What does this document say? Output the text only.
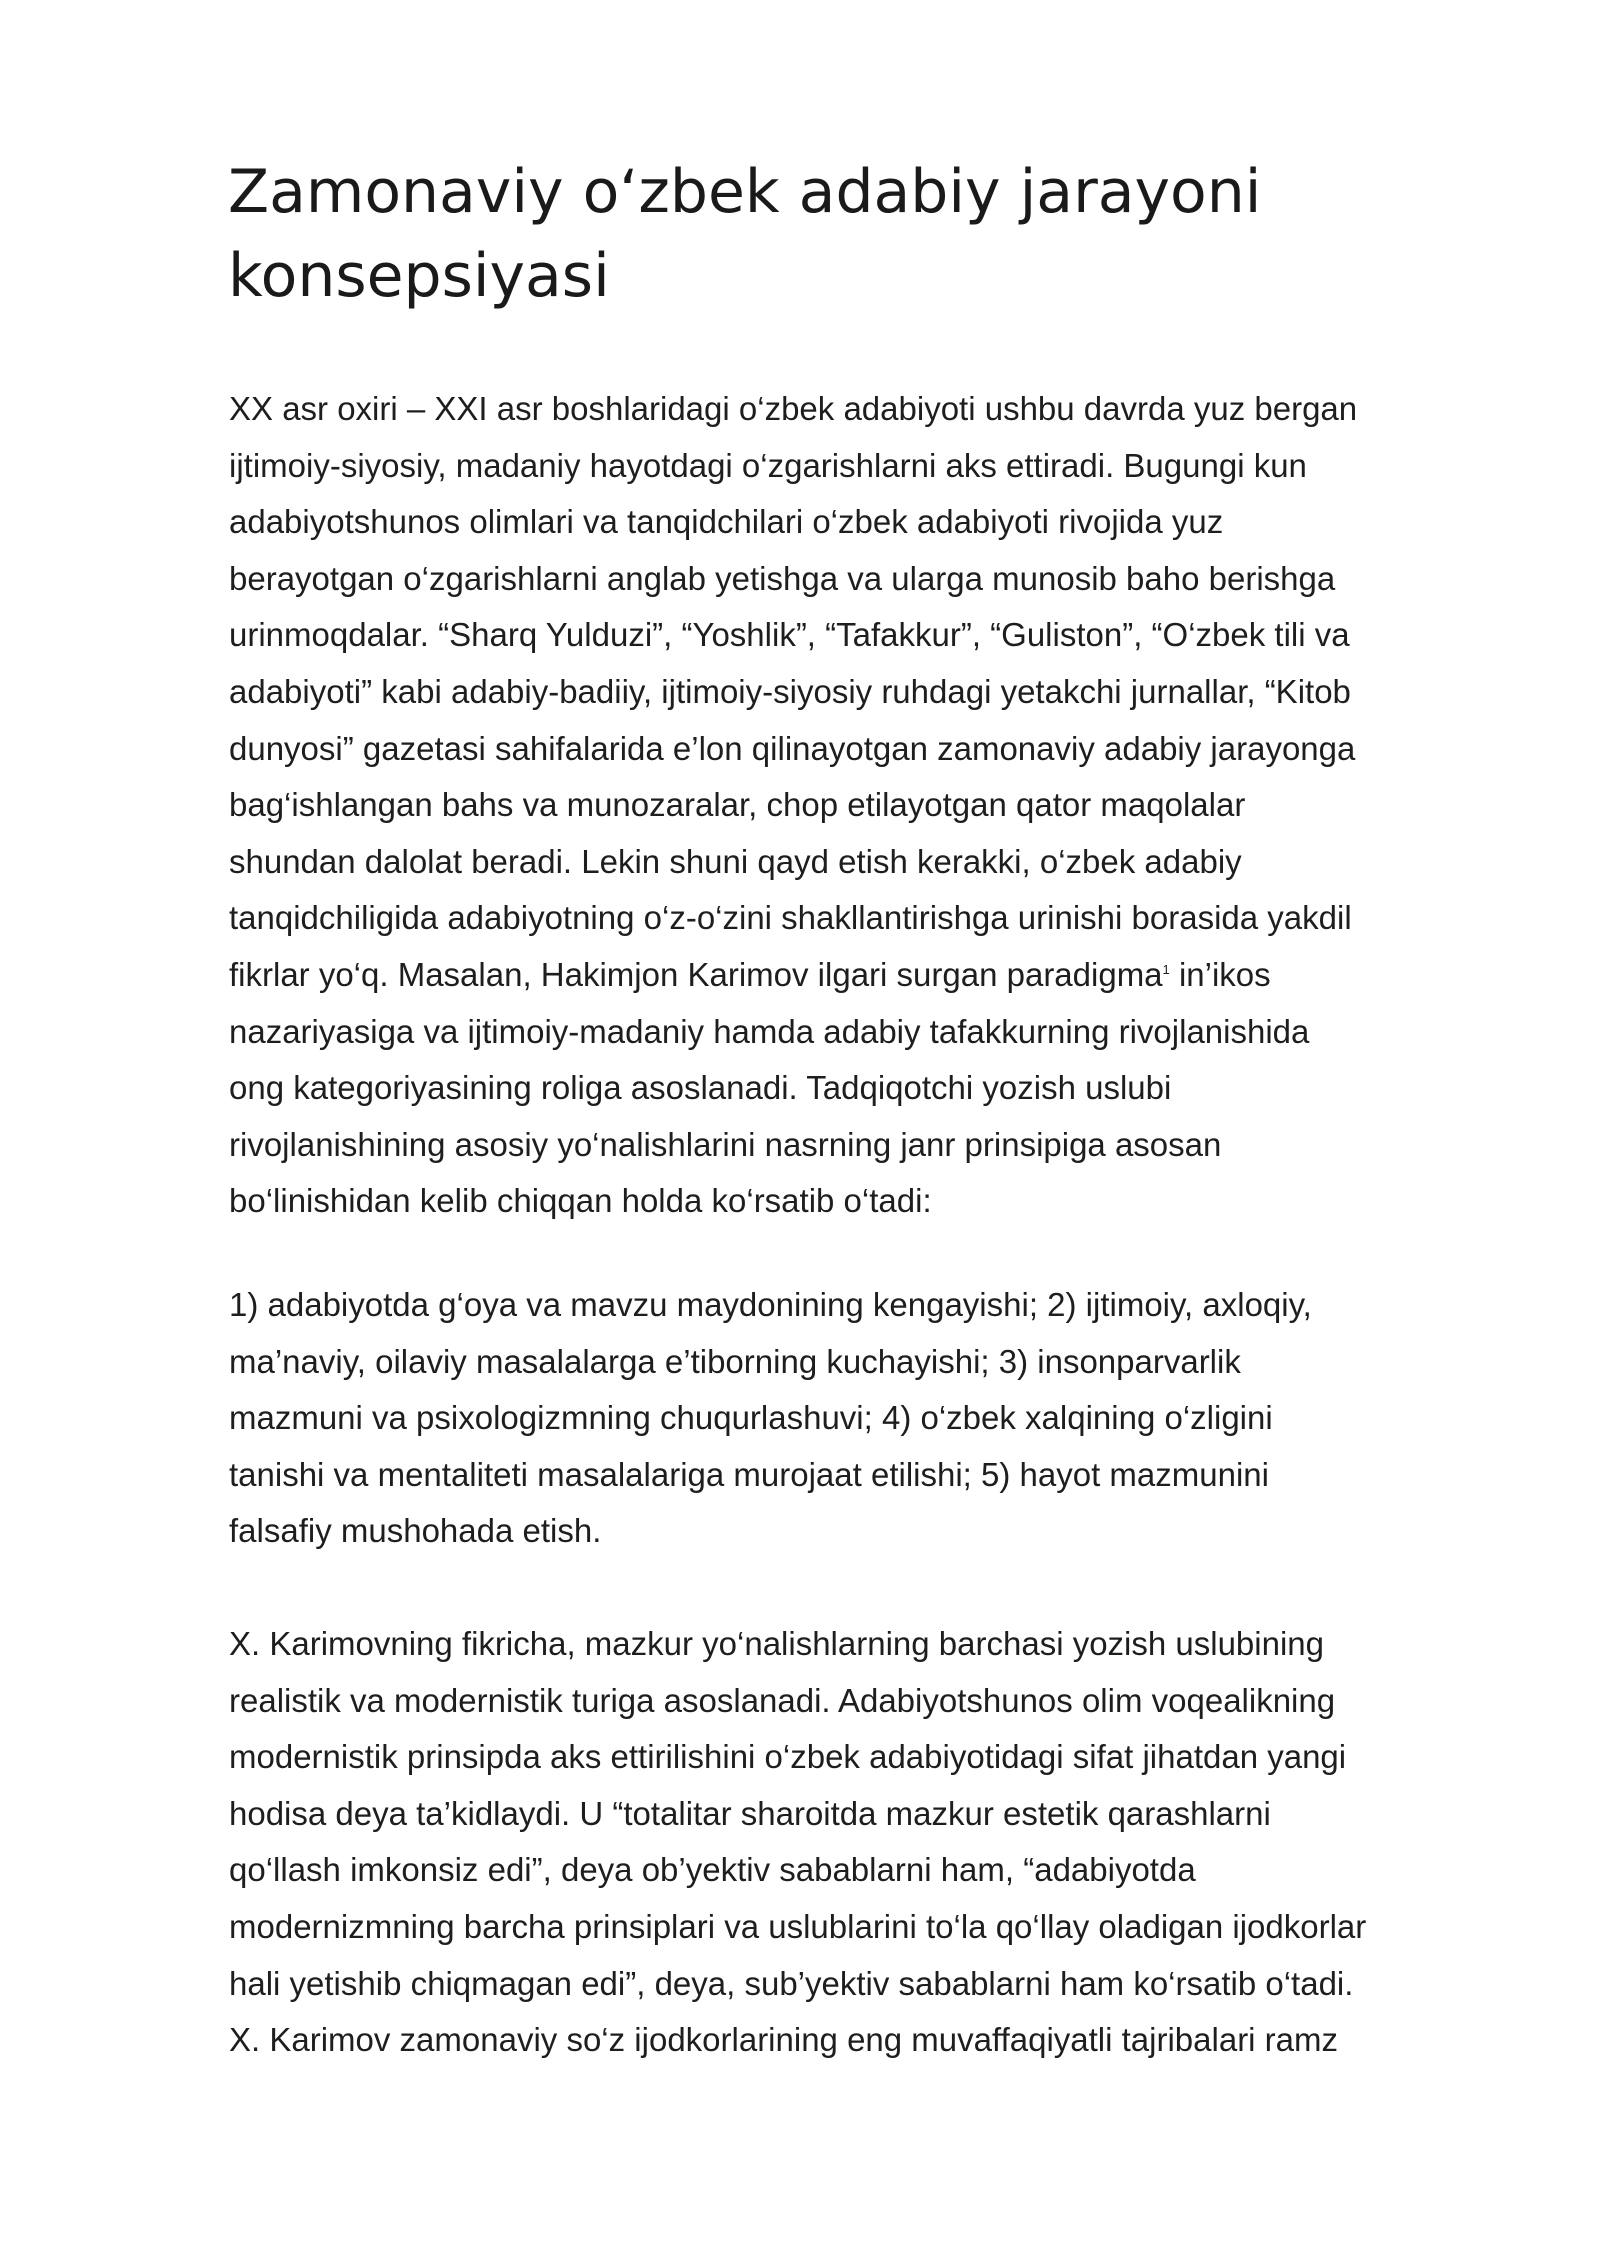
Zamonaviy o‘zbek adabiy jarayoni
konsepsiyasi
XX asr oxiri – XXI asr boshlaridagi o‘zbek adabiyoti ushbu davrda yuz bergan
ijtimoiy-siyosiy, madaniy hayotdagi o‘zgarishlarni aks ettiradi. Bugungi kun
adabiyotshunos olimlari va tanqidchilari o‘zbek adabiyoti rivojida yuz
berayotgan o‘zgarishlarni anglab yetishga va ularga munosib baho berishga
urinmoqdalar. “Sharq Yulduzi”, “Yoshlik”, “Tafakkur”, “Guliston”, “O‘zbek tili va
adabiyoti” kabi adabiy-badiiy, ijtimoiy-siyosiy ruhdagi yetakchi jurnallar, “Kitob
dunyosi” gazetasi sahifalarida e’lon qilinayotgan zamonaviy adabiy jarayonga
bag‘ishlangan bahs va munozaralar, chop etilayotgan qator maqolalar
shundan dalolat beradi. Lekin shuni qayd etish kerakki, o‘zbek adabiy
tanqidchiligida adabiyotning o‘z-o‘zini shakllantirishga urinishi borasida yakdil
fikrlar yo‘q. Masalan, Hakimjon Karimov ilgari surgan paradigma$^1$ in’ikos
nazariyasiga va ijtimoiy-madaniy hamda adabiy tafakkurning rivojlanishida
ong kategoriyasining roliga asoslanadi. Tadqiqotchi yozish uslubi
rivojlanishining asosiy yo‘nalishlarini nasrning janr prinsipiga asosan
bo‘linishidan kelib chiqqan holda ko‘rsatib o‘tadi:
1) adabiyotda g‘oya va mavzu maydonining kengayishi; 2) ijtimoiy, axloqiy,
ma’naviy, oilaviy masalalarga e’tiborning kuchayishi; 3) insonparvarlik
mazmuni va psixologizmning chuqurlashuvi; 4) o‘zbek xalqining o‘zligini
tanishi va mentaliteti masalalariga murojaat etilishi; 5) hayot mazmunini
falsafiy mushohada etish.
X. Karimovning fikricha, mazkur yo‘nalishlarning barchasi yozish uslubining
realistik va modernistik turiga asoslanadi. Adabiyotshunos olim voqealikning
modernistik prinsipda aks ettirilishini o‘zbek adabiyotidagi sifat jihatdan yangi
hodisa deya ta’kidlaydi. U “totalitar sharoitda mazkur estetik qarashlarni
qo‘llash imkonsiz edi”, deya ob’yektiv sabablarni ham, “adabiyotda
modernizmning barcha prinsiplari va uslublarini to‘la qo‘llay oladigan ijodkorlar
hali yetishib chiqmagan edi”, deya, sub’yektiv sabablarni ham ko‘rsatib o‘tadi.
X. Karimov zamonaviy so‘z ijodkorlarining eng muvaffaqiyatli tajribalari ramz
